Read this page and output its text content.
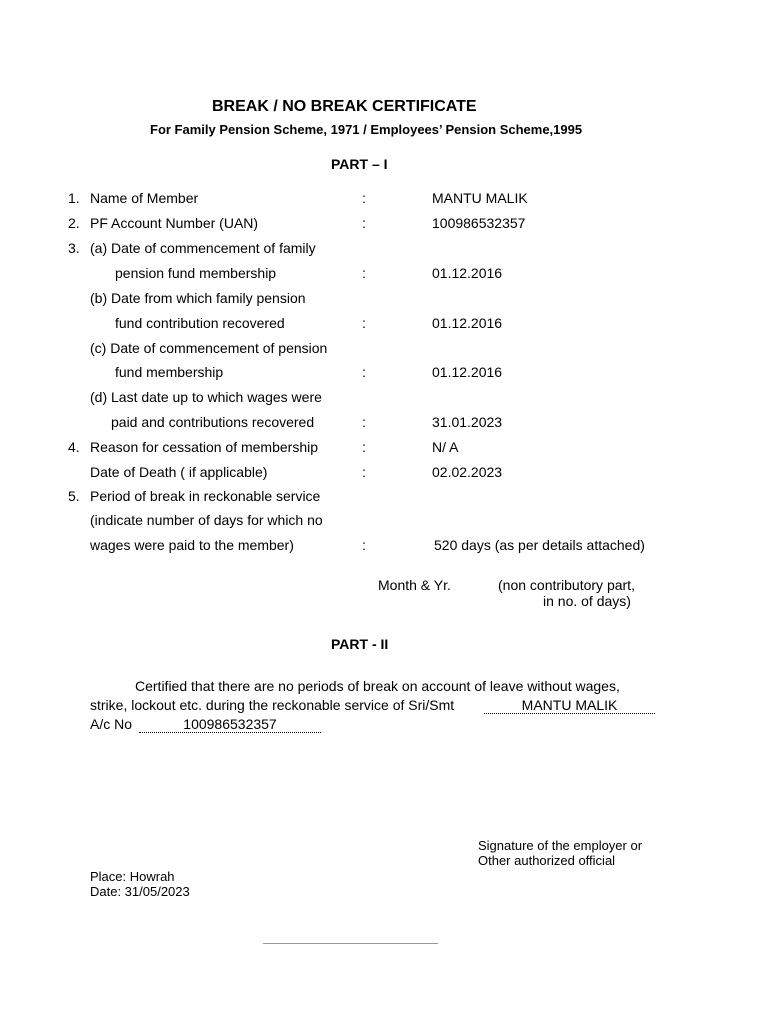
BREAK / NO BREAK CERTIFICATE
For Family Pension Scheme, 1971 / Employees’ Pension Scheme,1995
PART – I
1. Name of Member	:	MANTU MALIK
2. PF Account Number (UAN)	:	100986532357
3. (a) Date of commencement of family
pension fund membership	:	01.12.2016
(b) Date from which family pension
fund contribution recovered	:	01.12.2016
(c) Date of commencement of pension
fund membership	:	01.12.2016
(d) Last date up to which wages were
paid and contributions recovered	:	31.01.2023
4. Reason for cessation of membership	:	N/ A
Date of Death ( if applicable)	:	02.02.2023
5. Period of break in reckonable service
(indicate number of days for which no
wages were paid to the member)	:	520 days (as per details attached)
Month & Yr.	(non contributory part,
in no. of days)
PART - II
Certified that there are no periods of break on account of leave without wages,
strike, lockout etc. during the reckonable service of Sri/Smt	MANTU MALIK
A/c No	100986532357
Signature of the employer or
Other authorized official
Place: Howrah
Date: 31/05/2023
